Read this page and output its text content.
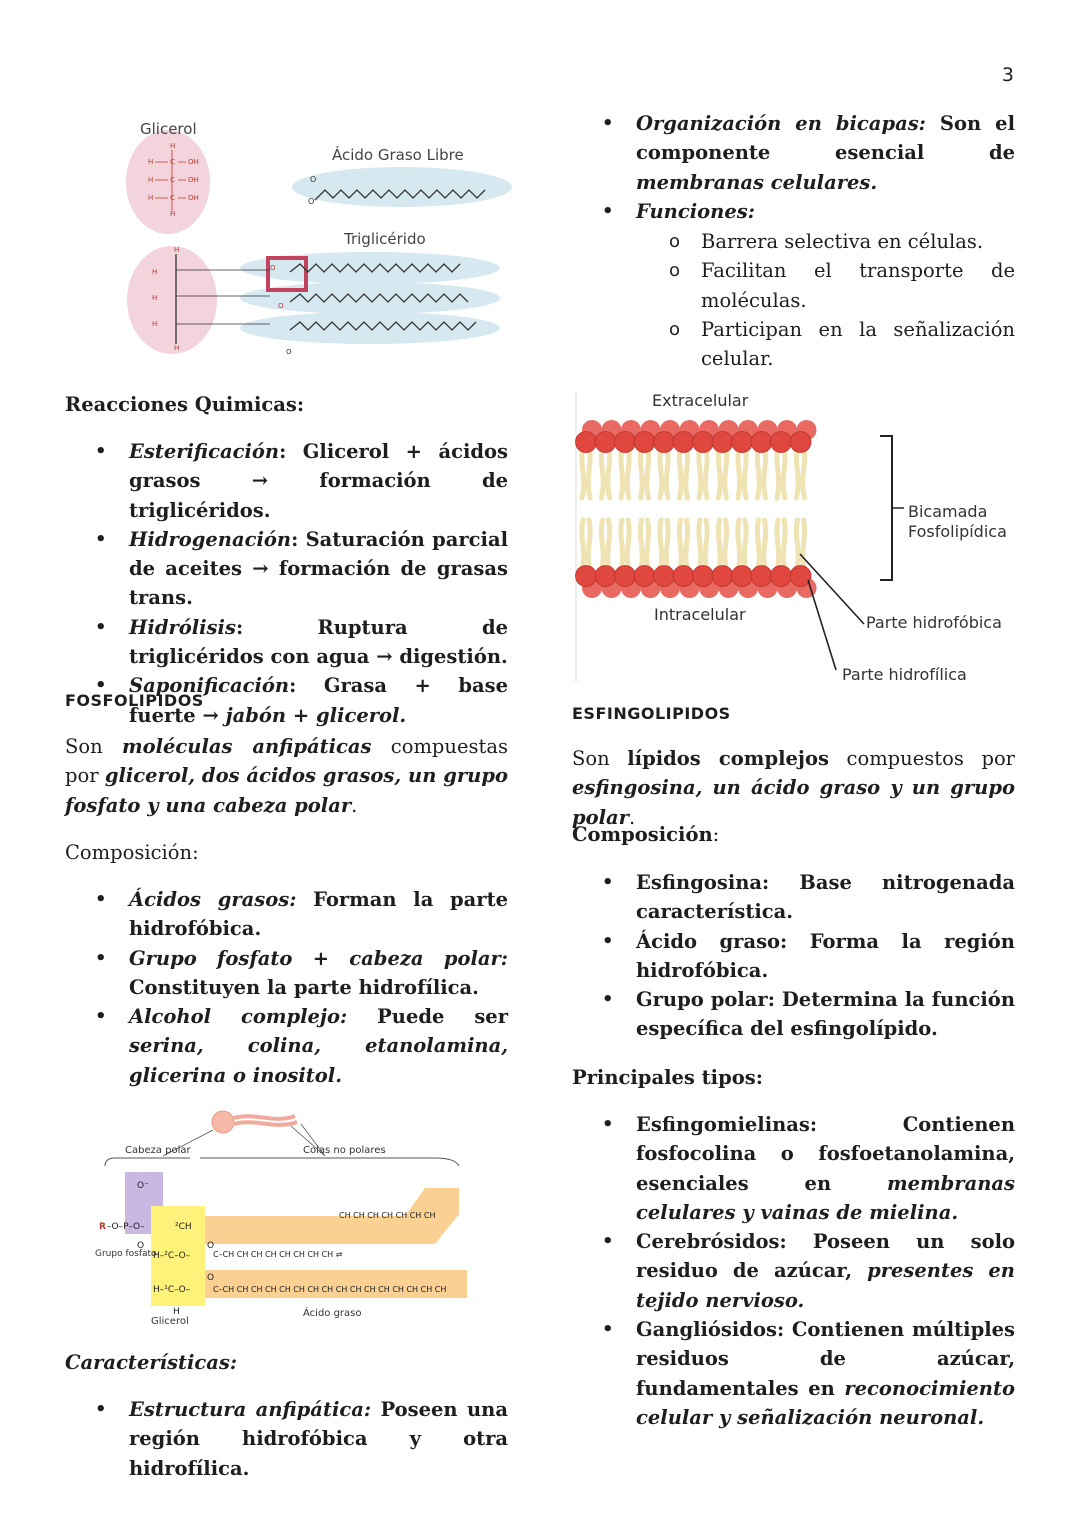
3
Glicerol
H
H C OH
H C OH
H C OH
H
Ácido Graso Libre
O
O
Triglicérido
H
H
H
H
H
O
O
O

Reacciones Quimicas:

• Esterificación: Glicerol + ácidos grasos → formación de triglicéridos.
• Hidrogenación: Saturación parcial de aceites → formación de grasas trans.
• Hidrólisis: Ruptura de triglicéridos con agua → digestión.
• Saponificación: Grasa + base fuerte → jabón + glicerol.

FOSFOLIPIDOS

Son moléculas anfipáticas compuestas por glicerol, dos ácidos grasos, un grupo fosfato y una cabeza polar.

Composición:

• Ácidos grasos: Forman la parte hidrofóbica.
• Grupo fosfato + cabeza polar: Constituyen la parte hidrofílica.
• Alcohol complejo: Puede ser serina, colina, etanolamina, glicerina o inositol.
Cabeza polar	Colas no polares
R –O–P–O–
O⁻
O
²CH
H–²C–O–
H–¹C–O–
H
O
O
CH CH CH CH CH CH CH
C–CH CH CH CH CH CH CH CH ⇌
C–CH CH CH CH CH CH CH CH CH CH CH CH CH CH CH CH
Grupo fosfato
Glicerol
Ácido graso

Características:

• Estructura anfipática: Poseen una región hidrofóbica y otra hidrofílica.
• Organización en bicapas: Son el componente esencial de membranas celulares.
• Funciones:
o Barrera selectiva en células.
o Facilitan el transporte de moléculas.
o Participan en la señalización celular.
Extracelular
Intracelular
Bicamada
Fosfolipídica
Parte hidrofóbica
Parte hidrofílica

ESFINGOLIPIDOS

Son lípidos complejos compuestos por esfingosina, un ácido graso y un grupo polar.

Composición:

• Esfingosina: Base nitrogenada característica.
• Ácido graso: Forma la región hidrofóbica.
• Grupo polar: Determina la función específica del esfingolípido.

Principales tipos:

• Esfingomielinas: Contienen fosfocolina o fosfoetanolamina, esenciales en membranas celulares y vainas de mielina.
• Cerebrósidos: Poseen un solo residuo de azúcar, presentes en tejido nervioso.
• Gangliósidos: Contienen múltiples residuos de azúcar, fundamentales en reconocimiento celular y señalización neuronal.
